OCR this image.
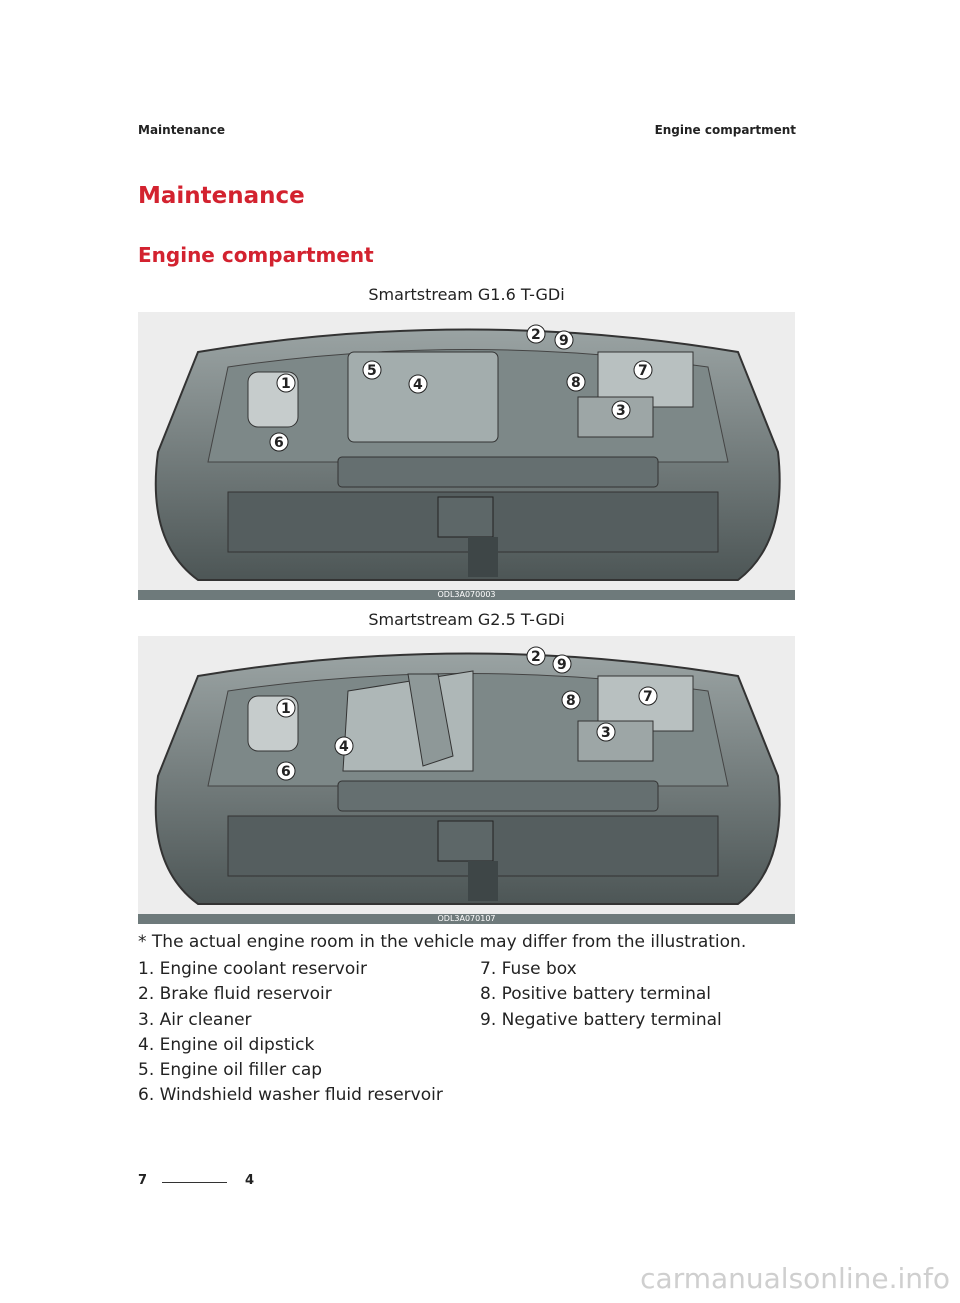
Maintenance	Engine compartment
Maintenance
Engine compartment
Smartstream G1.6 T-GDi
1
2
3
4
5
6
7
8
9
ODL3A070003
Smartstream G2.5 T-GDi
1
2
3
4
6
7
8
9
ODL3A070107
* The actual engine room in the vehicle may differ from the illustration.
1. Engine coolant reservoir
2. Brake fluid reservoir
3. Air cleaner
4. Engine oil dipstick
5. Engine oil filler cap
6. Windshield washer fluid reservoir
7. Fuse box
8. Positive battery terminal
9. Negative battery terminal
7	4
carmanualsonline.info
